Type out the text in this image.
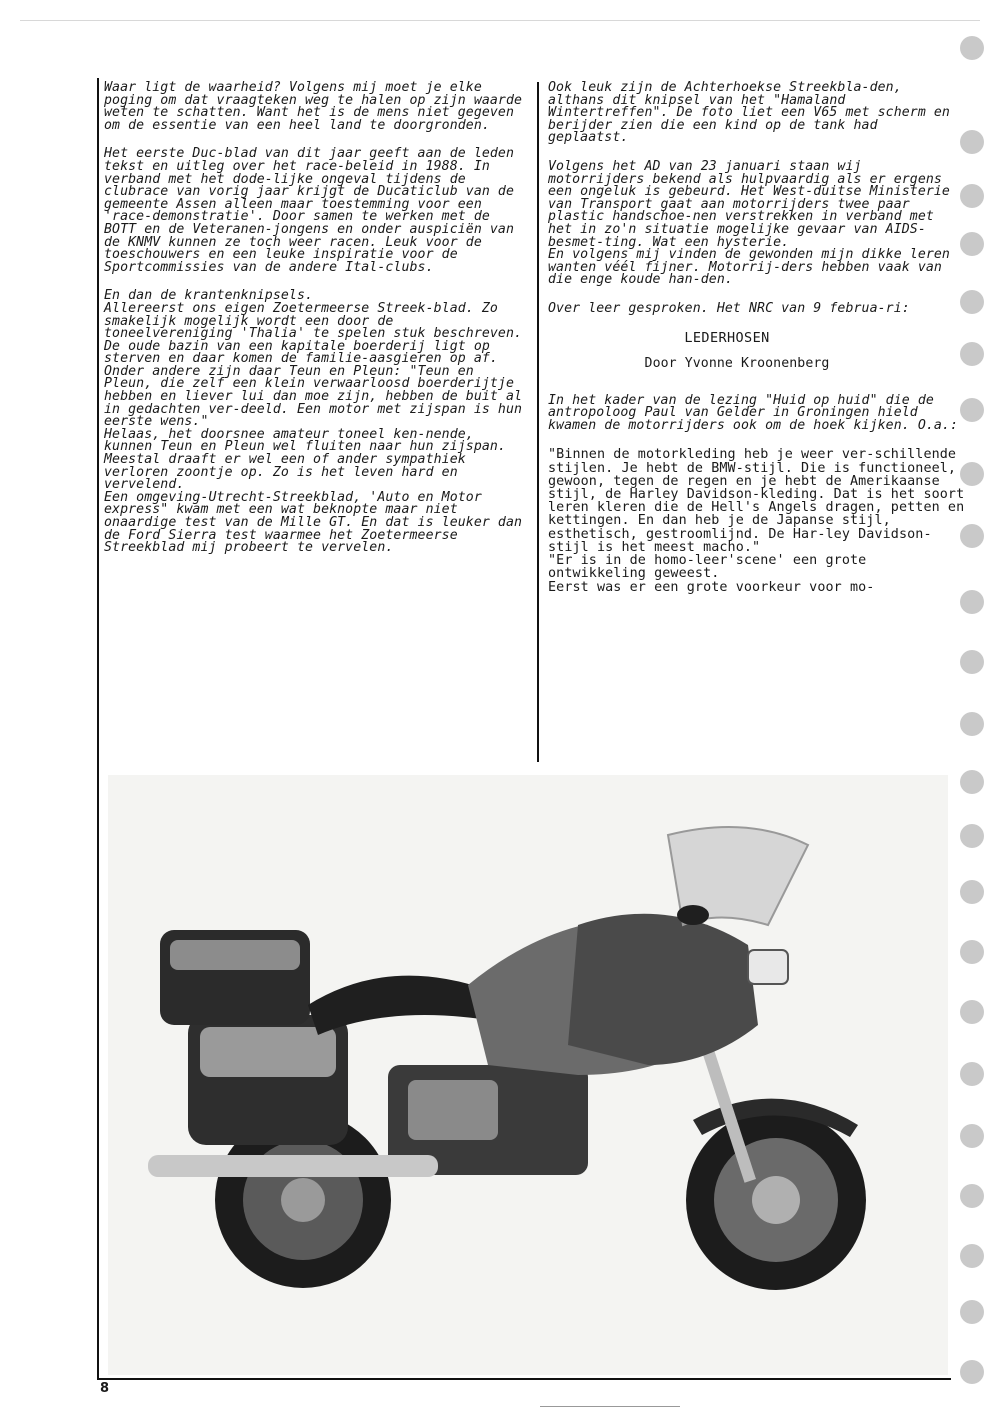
Waar ligt de waarheid? Volgens mij moet je elke poging om dat vraagteken weg te halen op zijn waarde weten te schatten. Want het is de mens niet gegeven om de essentie van een heel land te doorgronden.

Het eerste Duc-blad van dit jaar geeft aan de leden tekst en uitleg over het race-beleid in 1988. In verband met het dode-lijke ongeval tijdens de clubrace van vorig jaar krijgt de Ducaticlub van de gemeente Assen alleen maar toestemming voor een 'race-demonstratie'. Door samen te werken met de BOTT en de Veteranen-jongens en onder auspiciën van de KNMV kunnen ze toch weer racen. Leuk voor de toeschouwers en een leuke inspiratie voor de Sportcommissies van de andere Ital-clubs.

En dan de krantenknipsels.
Allereerst ons eigen Zoetermeerse Streek-blad. Zo smakelijk mogelijk wordt een door de toneelvereniging 'Thalia' te spelen stuk beschreven. De oude bazin van een kapitale boerderij ligt op sterven en daar komen de familie-aasgieren op af. Onder andere zijn daar Teun en Pleun: "Teun en Pleun, die zelf een klein verwaarloosd boerderijtje hebben en liever lui dan moe zijn, hebben de buit al in gedachten ver-deeld. Een motor met zijspan is hun eerste wens."
Helaas, het doorsnee amateur toneel ken-nende, kunnen Teun en Pleun wel fluiten naar hun zijspan. Meestal draaft er wel een of ander sympathiek verloren zoontje op. Zo is het leven hard en vervelend.
Een omgeving-Utrecht-Streekblad, 'Auto en Motor express" kwam met een wat beknopte maar niet onaardige test van de Mille GT. En dat is leuker dan de Ford Sierra test waarmee het Zoetermeerse Streekblad mij probeert te vervelen.

Ook leuk zijn de Achterhoekse Streekbla-den, althans dit knipsel van het "Hamaland Wintertreffen". De foto liet een V65 met scherm en berijder zien die een kind op de tank had geplaatst.

Volgens het AD van 23 januari staan wij motorrijders bekend als hulpvaardig als er ergens een ongeluk is gebeurd. Het West-duitse Ministerie van Transport gaat aan motorrijders twee paar plastic handschoe-nen verstrekken in verband met het in zo'n situatie mogelijke gevaar van AIDS-besmet-ting. Wat een hysterie.
En volgens mij vinden de gewonden mijn dikke leren wanten véél fijner. Motorrij-ders hebben vaak van die enge koude han-den.

Over leer gesproken. Het NRC van 9 februa-ri:

LEDERHOSEN
Door Yvonne Kroonenberg

In het kader van de lezing "Huid op huid" die de antropoloog Paul van Gelder in Groningen hield kwamen de motorrijders ook om de hoek kijken. O.a.:

"Binnen de motorkleding heb je weer ver-schillende stijlen. Je hebt de BMW-stijl. Die is functioneel, gewoon, tegen de regen en je hebt de Amerikaanse stijl, de Harley Davidson-kleding. Dat is het soort leren kleren die de Hell's Angels dragen, petten en kettingen. En dan heb je de Japanse stijl, esthetisch, gestroomlijnd. De Har-ley Davidson-stijl is het meest macho."
"Er is in de homo-leer'scene' een grote ontwikkeling geweest.
Eerst was er een grote voorkeur voor mo-
8
